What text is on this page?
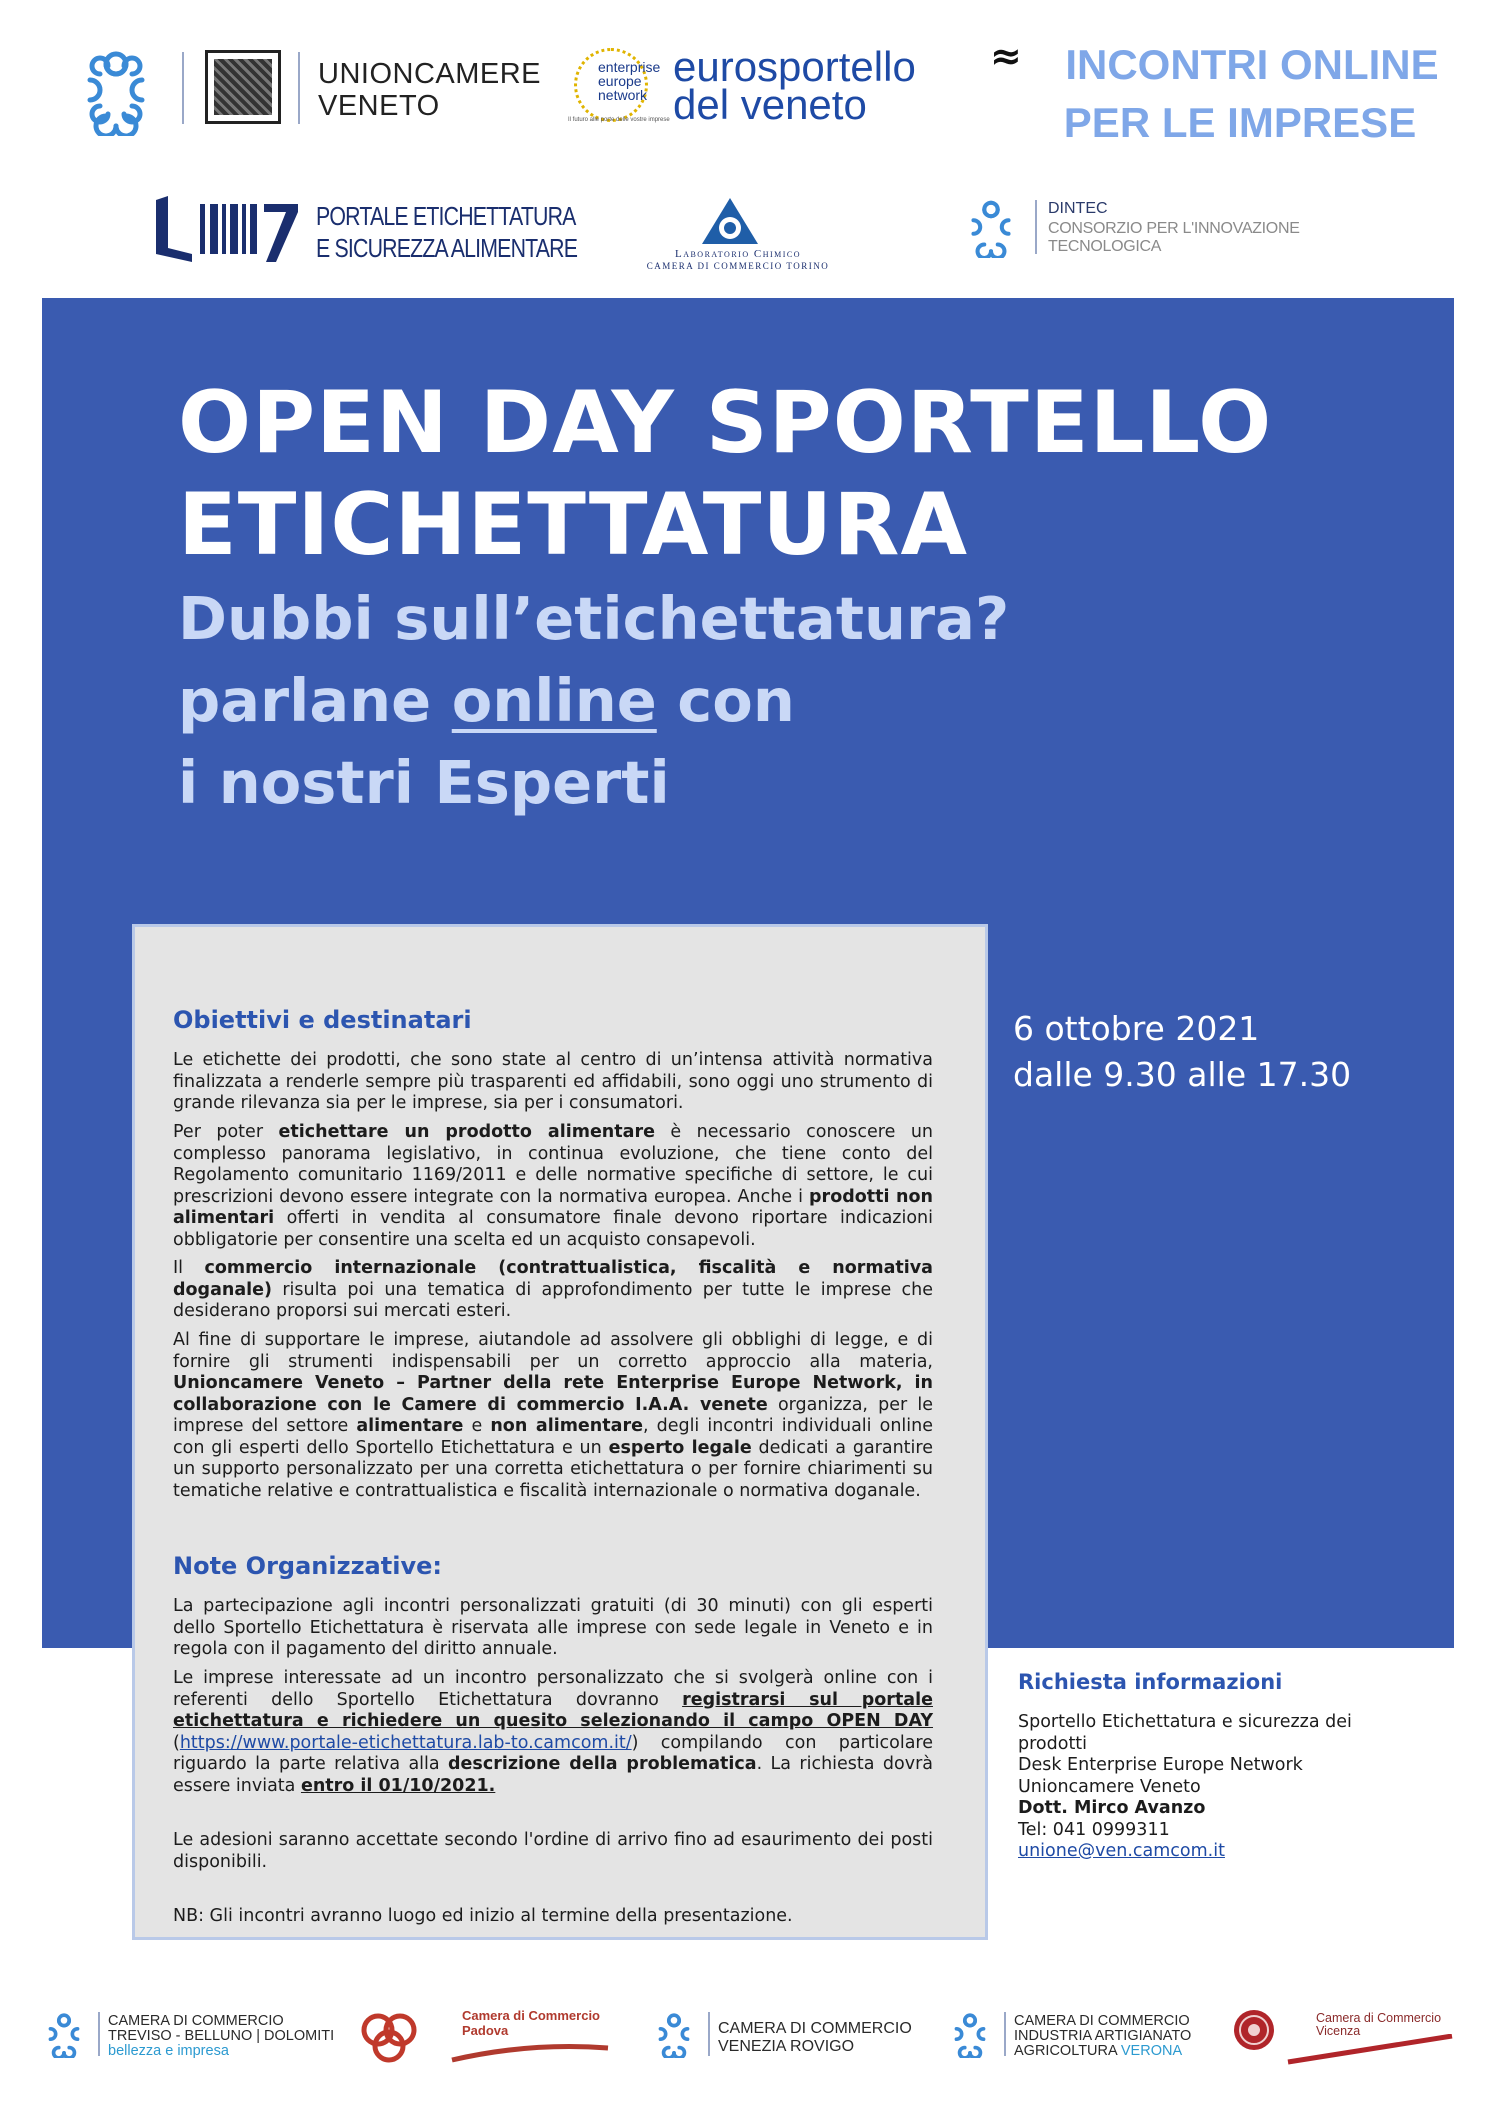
UNIONCAMERE
VENETO
enterprise
europe
network
Il futuro alle porte delle vostre imprese
eurosportello
del veneto
≈	INCONTRI ONLINE
PER LE IMPRESE
PORTALE ETICHETTATURA
E SICUREZZA ALIMENTARE	Laboratorio Chimico
CAMERA DI COMMERCIO TORINO
DINTEC
CONSORZIO PER L'INNOVAZIONE
TECNOLOGICA
OPEN DAY SPORTELLO
ETICHETTATURA
Dubbi sull’etichettatura?
parlane online con
i nostri Esperti
6 ottobre 2021
dalle 9.30 alle 17.30
Obiettivi e destinatari
Le etichette dei prodotti, che sono state al centro di un’intensa attività normativa finalizzata a renderle sempre più trasparenti ed affidabili, sono oggi uno strumento di grande rilevanza sia per le imprese, sia per i consumatori.
Per poter etichettare un prodotto alimentare è necessario conoscere un complesso panorama legislativo, in continua evoluzione, che tiene conto del Regolamento comunitario 1169/2011 e delle normative specifiche di settore, le cui prescrizioni devono essere integrate con la normativa europea. Anche i prodotti non alimentari offerti in vendita al consumatore finale devono riportare indicazioni obbligatorie per consentire una scelta ed un acquisto consapevoli.
Il commercio internazionale (contrattualistica, fiscalità e normativa doganale) risulta poi una tematica di approfondimento per tutte le imprese che desiderano proporsi sui mercati esteri.
Al fine di supportare le imprese, aiutandole ad assolvere gli obblighi di legge, e di fornire gli strumenti indispensabili per un corretto approccio alla materia, Unioncamere Veneto – Partner della rete Enterprise Europe Network, in collaborazione con le Camere di commercio I.A.A. venete organizza, per le imprese del settore alimentare e non alimentare, degli incontri individuali online con gli esperti dello Sportello Etichettatura e un esperto legale dedicati a garantire un supporto personalizzato per una corretta etichettatura o per fornire chiarimenti su tematiche relative e contrattualistica e fiscalità internazionale o normativa doganale.
Note Organizzative:
La partecipazione agli incontri personalizzati gratuiti (di 30 minuti) con gli esperti dello Sportello Etichettatura è riservata alle imprese con sede legale in Veneto e in regola con il pagamento del diritto annuale.
Le imprese interessate ad un incontro personalizzato che si svolgerà online con i referenti dello Sportello Etichettatura dovranno registrarsi sul portale etichettatura e richiedere un quesito selezionando il campo OPEN DAY (https://www.portale-etichettatura.lab-to.camcom.it/) compilando con particolare riguardo la parte relativa alla descrizione della problematica. La richiesta dovrà essere inviata entro il 01/10/2021.
Le adesioni saranno accettate secondo l'ordine di arrivo fino ad esaurimento dei posti disponibili.
NB: Gli incontri avranno luogo ed inizio al termine della presentazione.
Richiesta informazioni
Sportello Etichettatura e sicurezza dei prodotti
Desk Enterprise Europe Network
Unioncamere Veneto
Dott. Mirco Avanzo
Tel: 041 0999311
unione@ven.camcom.it
CAMERA DI COMMERCIO
TREVISO - BELLUNO | DOLOMITI
bellezza e impresa
Camera di Commercio
Padova	CAMERA DI COMMERCIO
VENEZIA ROVIGO
CAMERA DI COMMERCIO
INDUSTRIA ARTIGIANATO
AGRICOLTURA VERONA
Camera di Commercio
Vicenza
